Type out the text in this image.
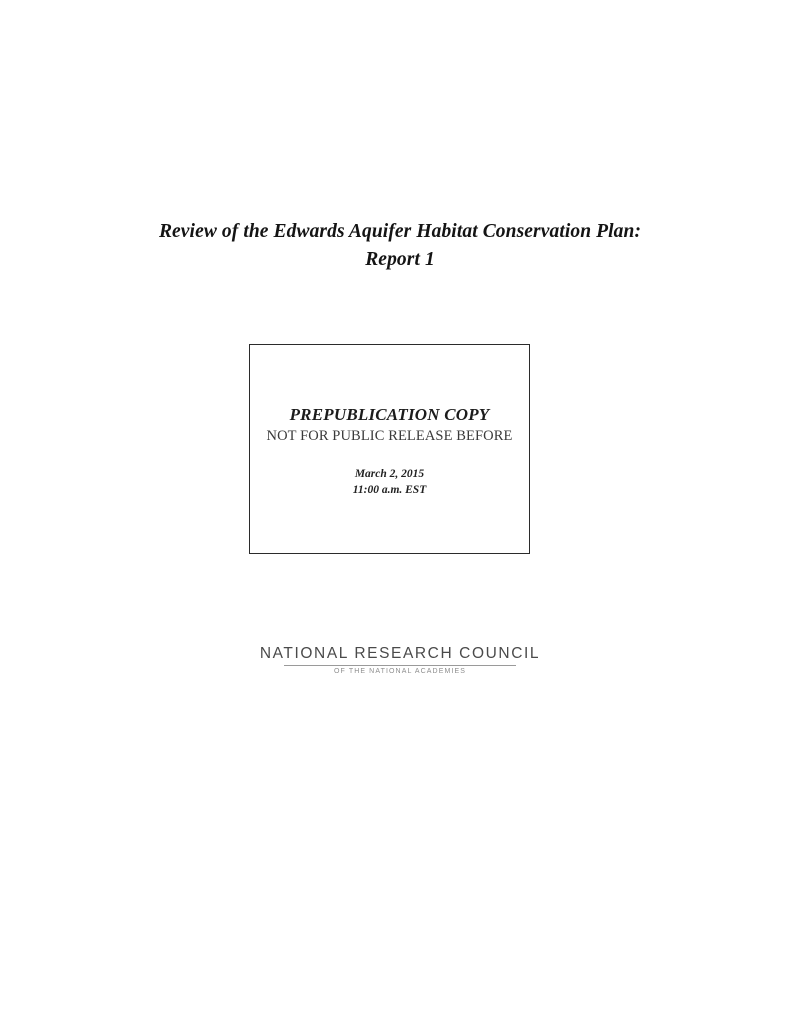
Review of the Edwards Aquifer Habitat Conservation Plan:
Report 1
PREPUBLICATION COPY
NOT FOR PUBLIC RELEASE BEFORE
March 2, 2015
11:00 a.m. EST
NATIONAL RESEARCH COUNCIL
OF THE NATIONAL ACADEMIES
